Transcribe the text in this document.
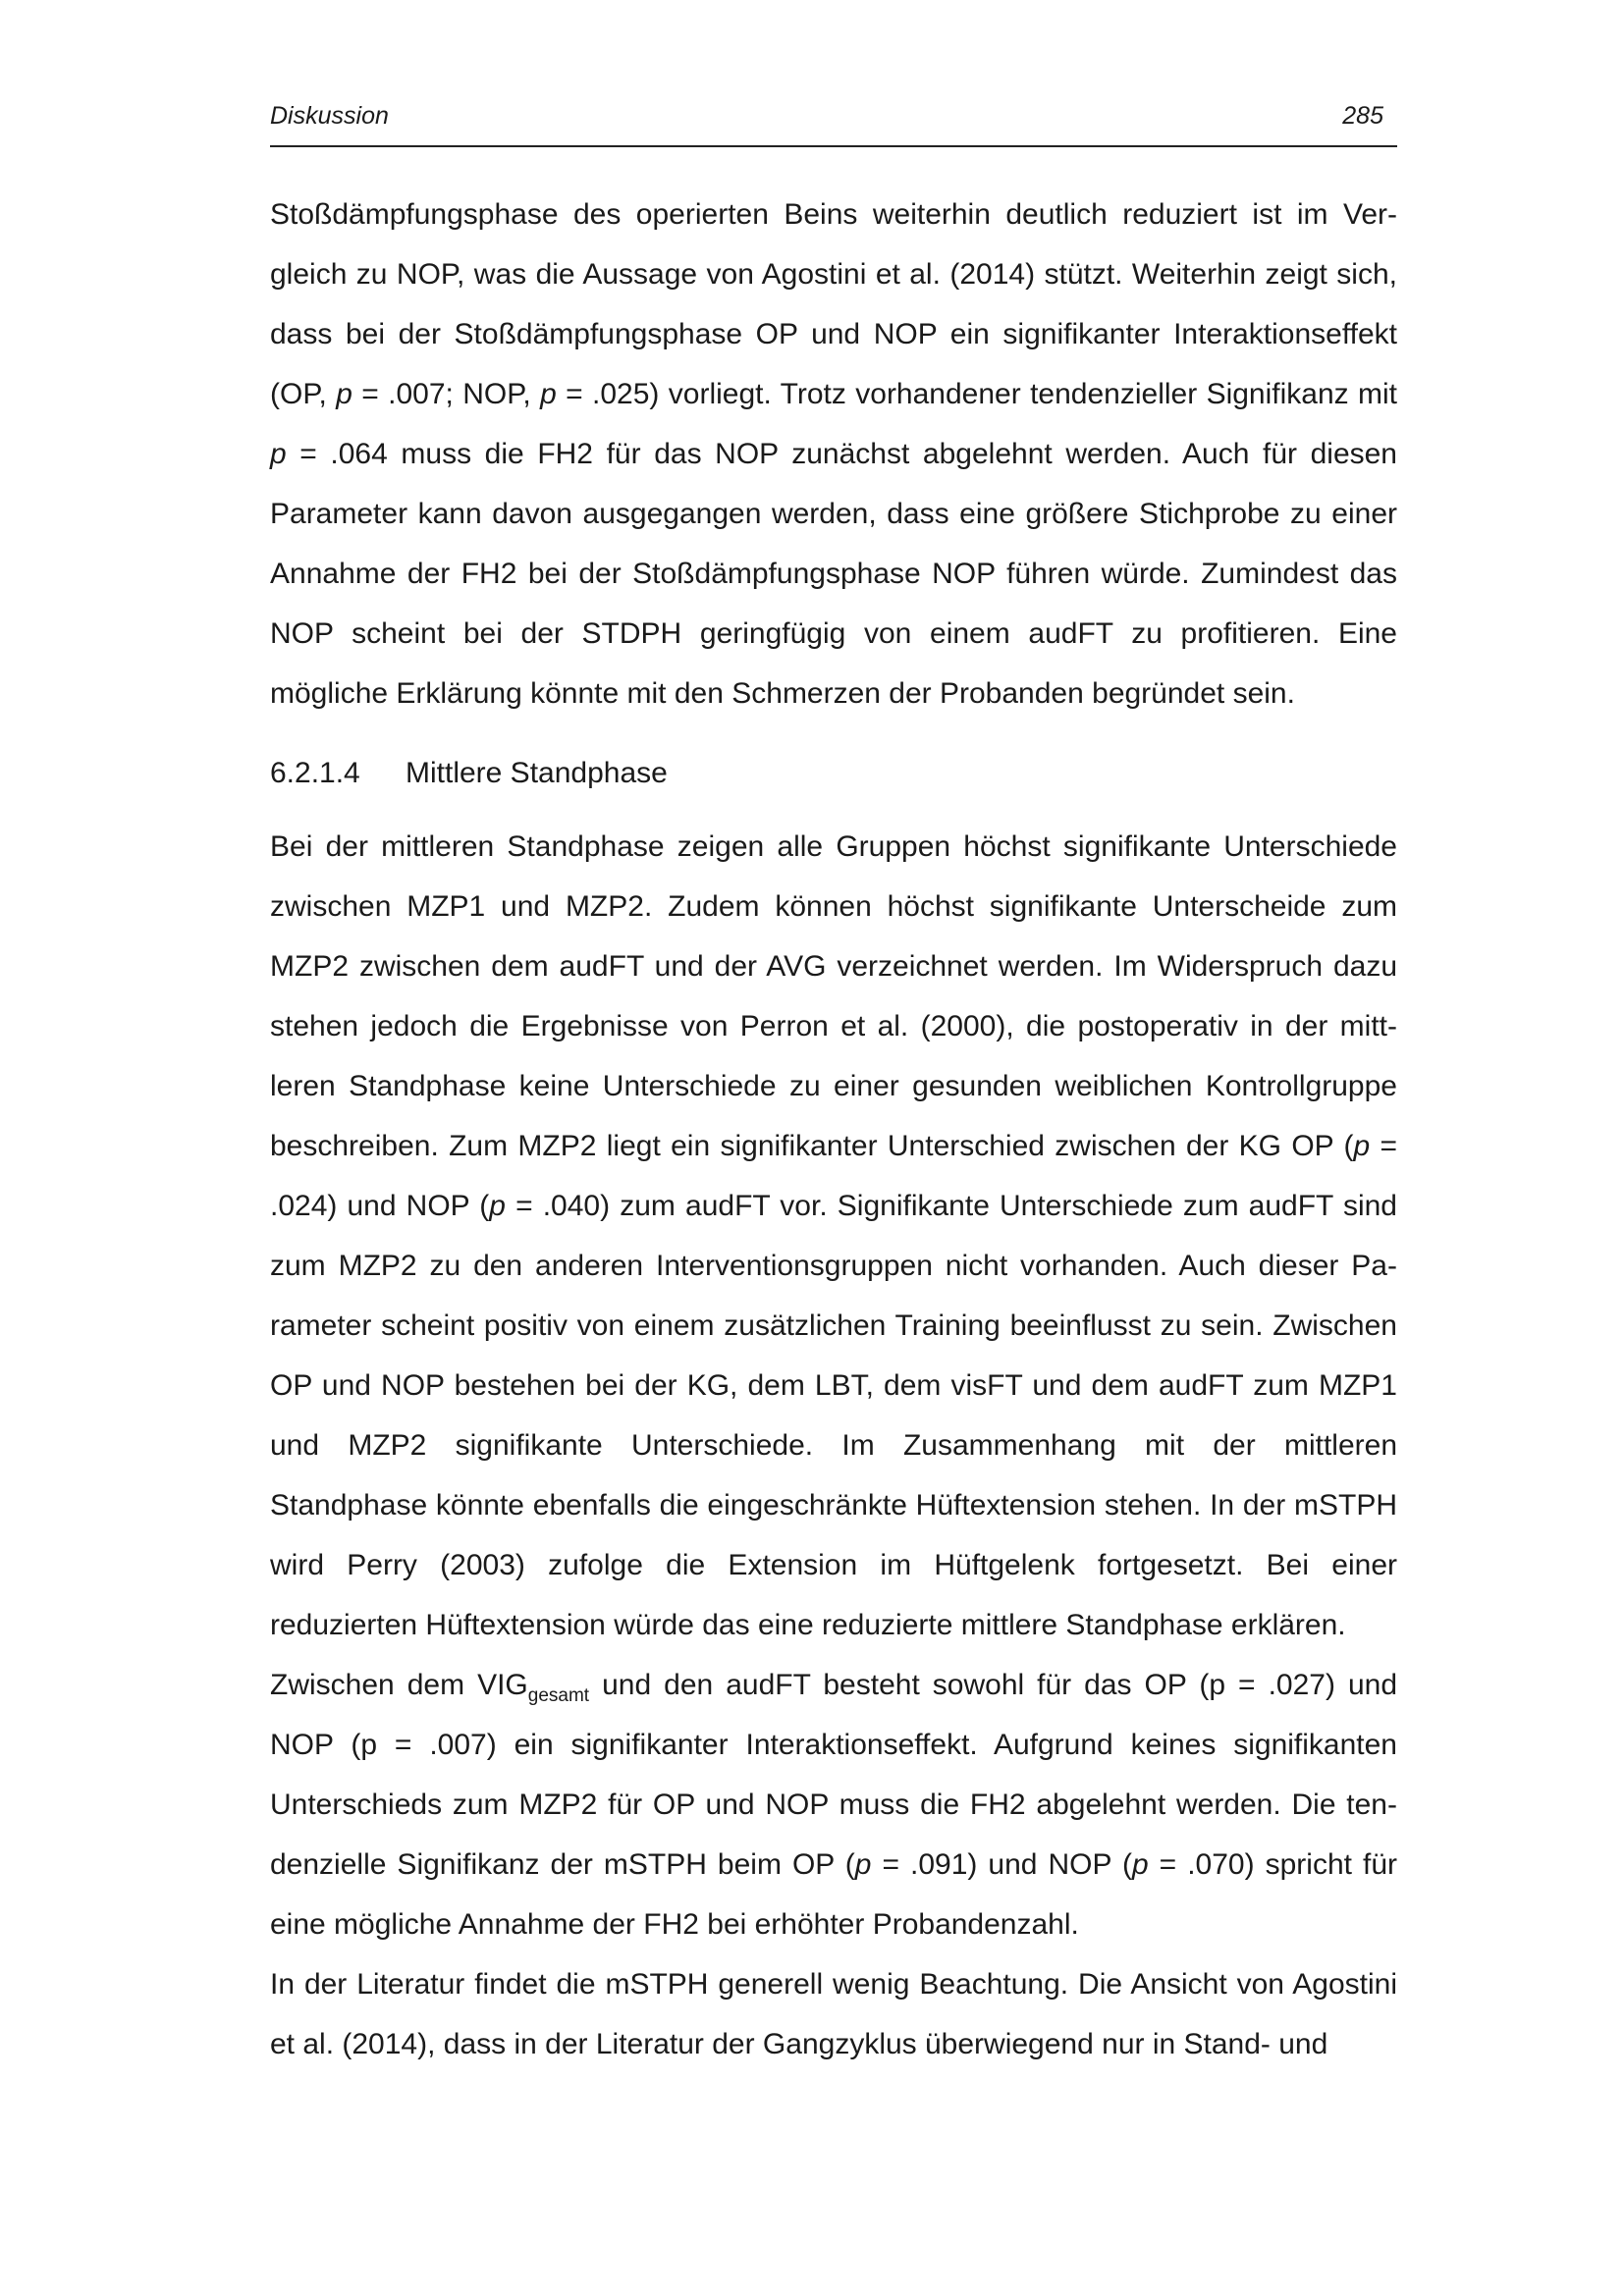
Diskussion	285

Stoßdämpfungsphase des operierten Beins weiterhin deutlich reduziert ist im Vergleich zu NOP, was die Aussage von Agostini et al. (2014) stützt. Weiterhin zeigt sich, dass bei der Stoßdämpfungsphase OP und NOP ein signifikanter Interaktionseffekt (OP, p = .007; NOP, p = .025) vorliegt. Trotz vorhandener tendenzieller Signifikanz mit p = .064 muss die FH2 für das NOP zunächst abgelehnt werden. Auch für diesen Parameter kann davon ausgegangen werden, dass eine größere Stichprobe zu einer Annahme der FH2 bei der Stoßdämpfungsphase NOP führen würde. Zumindest das NOP scheint bei der STDPH geringfügig von einem audFT zu profitieren. Eine mögliche Erklärung könnte mit den Schmerzen der Probanden begründet sein.

6.2.1.4 Mittlere Standphase

Bei der mittleren Standphase zeigen alle Gruppen höchst signifikante Unterschiede zwischen MZP1 und MZP2. Zudem können höchst signifikante Unterscheide zum MZP2 zwischen dem audFT und der AVG verzeichnet werden. Im Widerspruch dazu stehen jedoch die Ergebnisse von Perron et al. (2000), die postoperativ in der mittleren Standphase keine Unterschiede zu einer gesunden weiblichen Kontrollgruppe beschreiben. Zum MZP2 liegt ein signifikanter Unterschied zwischen der KG OP (p = .024) und NOP (p = .040) zum audFT vor. Signifikante Unterschiede zum audFT sind zum MZP2 zu den anderen Interventionsgruppen nicht vorhanden. Auch dieser Parameter scheint positiv von einem zusätzlichen Training beeinflusst zu sein. Zwischen OP und NOP bestehen bei der KG, dem LBT, dem visFT und dem audFT zum MZP1 und MZP2 signifikante Unterschiede. Im Zusammenhang mit der mittleren Standphase könnte ebenfalls die eingeschränkte Hüftextension stehen. In der mSTPH wird Perry (2003) zufolge die Extension im Hüftgelenk fortgesetzt. Bei einer reduzierten Hüftextension würde das eine reduzierte mittlere Standphase erklären.

Zwischen dem $VIG_{gesamt}$ und den audFT besteht sowohl für das OP (p = .027) und NOP (p = .007) ein signifikanter Interaktionseffekt. Aufgrund keines signifikanten Unterschieds zum MZP2 für OP und NOP muss die FH2 abgelehnt werden. Die tendenzielle Signifikanz der mSTPH beim OP (p = .091) und NOP (p = .070) spricht für eine mögliche Annahme der FH2 bei erhöhter Probandenzahl.

In der Literatur findet die mSTPH generell wenig Beachtung. Die Ansicht von Agostini et al. (2014), dass in der Literatur der Gangzyklus überwiegend nur in Stand- und
